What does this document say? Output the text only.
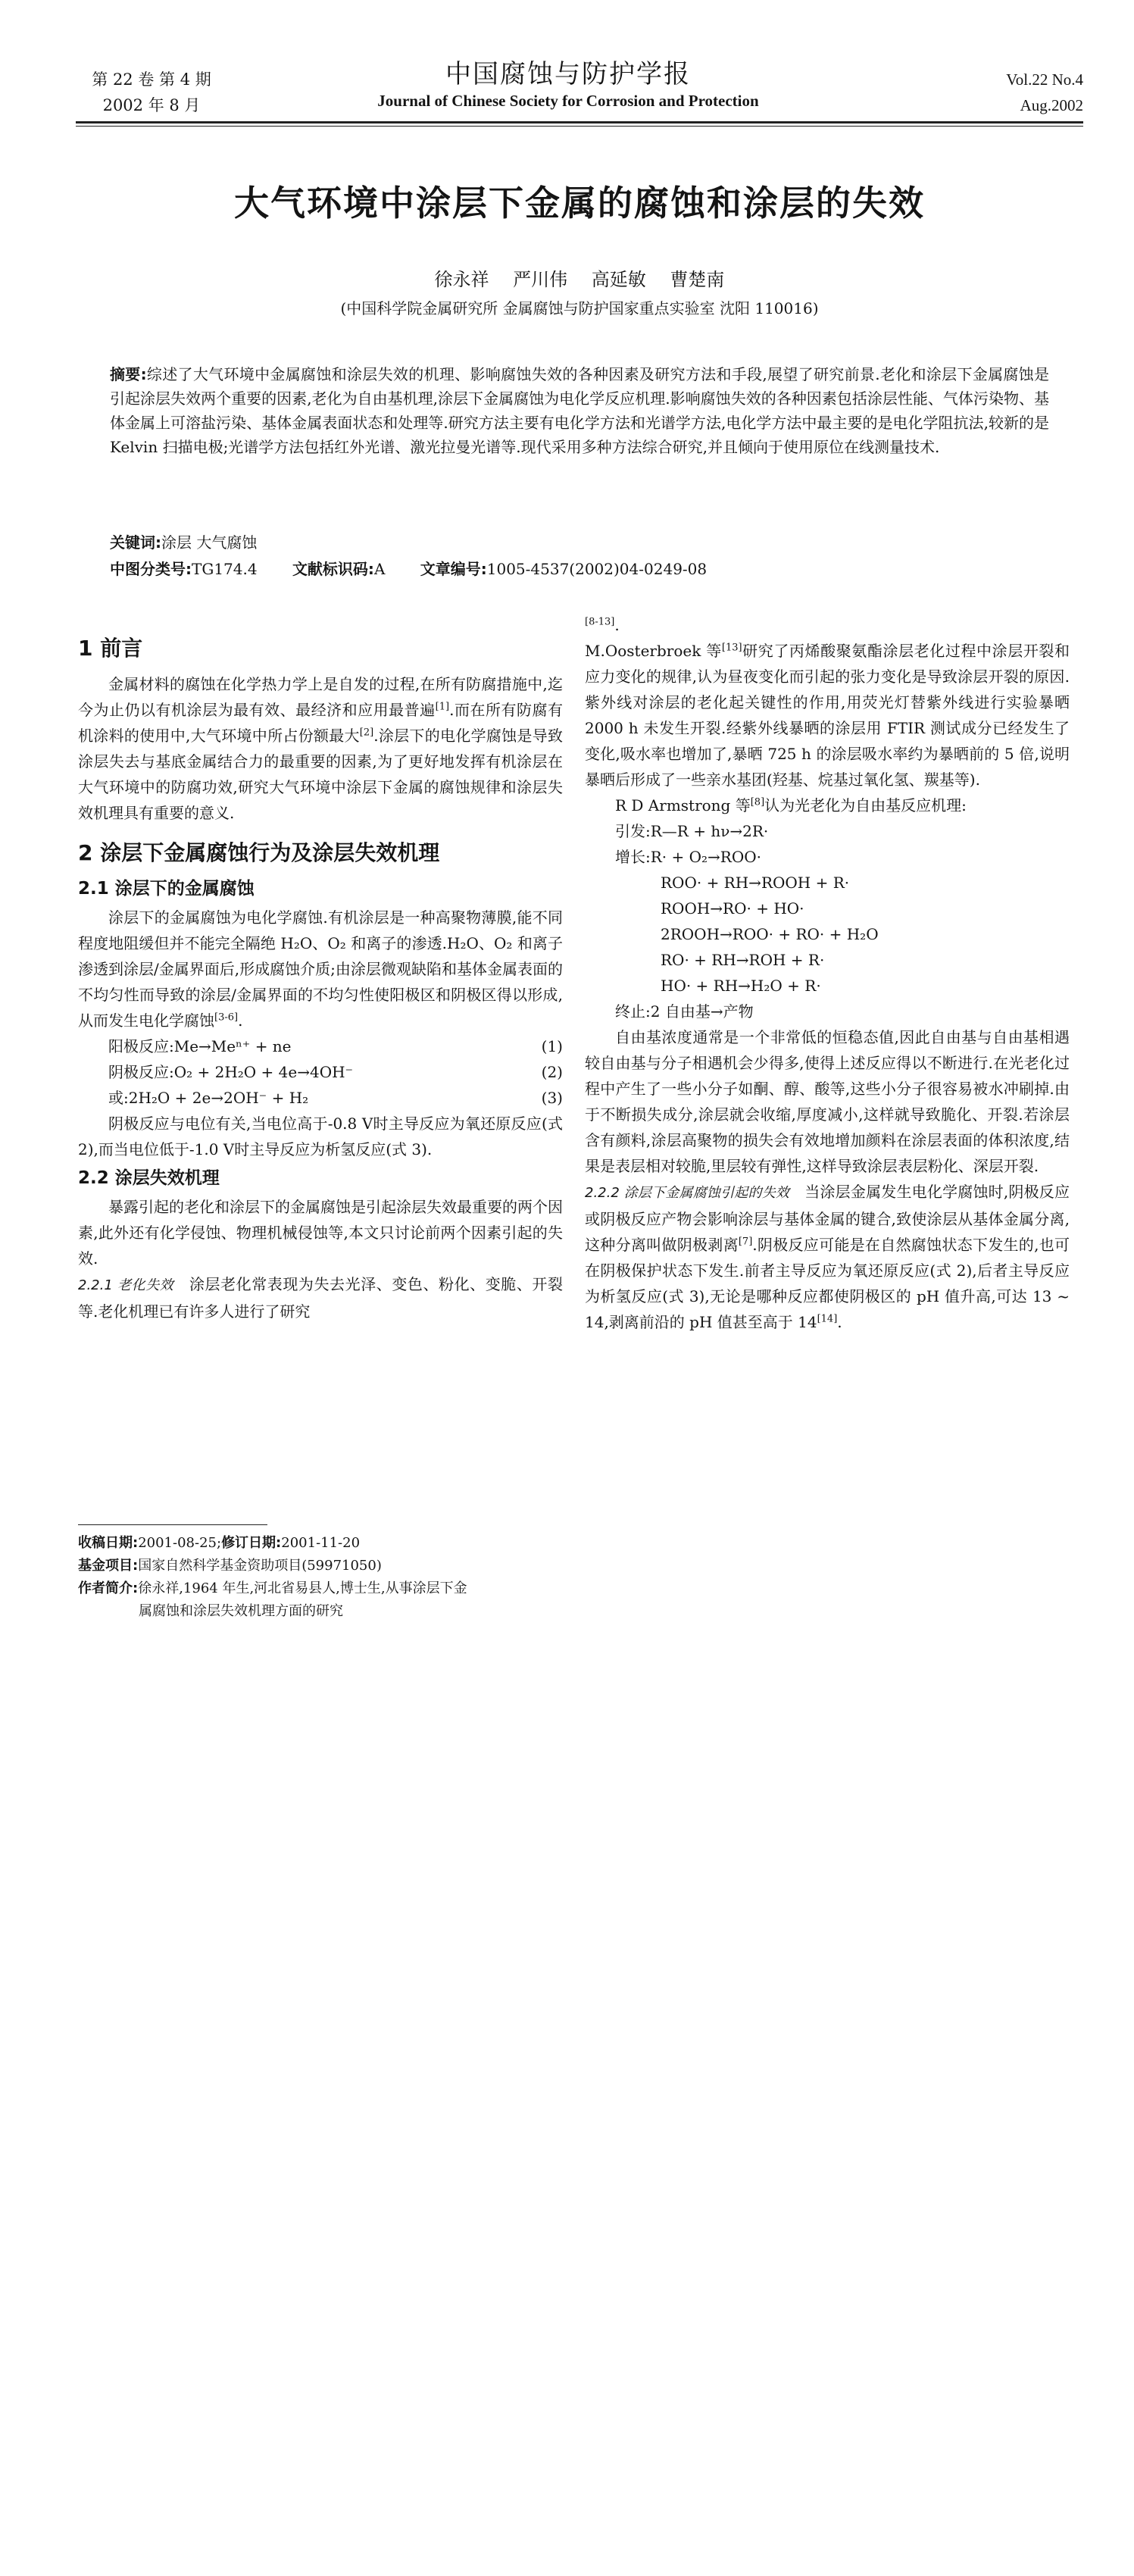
第 22 卷 第 4 期
2002 年 8 月
中国腐蚀与防护学报
Journal of Chinese Society for Corrosion and Protection
Vol.22 No.4
Aug.2002
大气环境中涂层下金属的腐蚀和涂层的失效
徐永祥 严川伟 高延敏 曹楚南
(中国科学院金属研究所 金属腐蚀与防护国家重点实验室 沈阳 110016)
摘要:综述了大气环境中金属腐蚀和涂层失效的机理、影响腐蚀失效的各种因素及研究方法和手段,展望了研究前景.老化和涂层下金属腐蚀是引起涂层失效两个重要的因素,老化为自由基机理,涂层下金属腐蚀为电化学反应机理.影响腐蚀失效的各种因素包括涂层性能、气体污染物、基体金属上可溶盐污染、基体金属表面状态和处理等.研究方法主要有电化学方法和光谱学方法,电化学方法中最主要的是电化学阻抗法,较新的是 Kelvin 扫描电极;光谱学方法包括红外光谱、激光拉曼光谱等.现代采用多种方法综合研究,并且倾向于使用原位在线测量技术.
关键词:涂层 大气腐蚀
中图分类号:TG174.4 文献标识码:A 文章编号:1005-4537(2002)04-0249-08
1 前言

金属材料的腐蚀在化学热力学上是自发的过程,在所有防腐措施中,迄今为止仍以有机涂层为最有效、最经济和应用最普遍[1].而在所有防腐有机涂料的使用中,大气环境中所占份额最大[2].涂层下的电化学腐蚀是导致涂层失去与基底金属结合力的最重要的因素,为了更好地发挥有机涂层在大气环境中的防腐功效,研究大气环境中涂层下金属的腐蚀规律和涂层失效机理具有重要的意义.

2 涂层下金属腐蚀行为及涂层失效机理
2.1 涂层下的金属腐蚀

涂层下的金属腐蚀为电化学腐蚀.有机涂层是一种高聚物薄膜,能不同程度地阻缓但并不能完全隔绝 H₂O、O₂ 和离子的渗透.H₂O、O₂ 和离子渗透到涂层/金属界面后,形成腐蚀介质;由涂层微观缺陷和基体金属表面的不均匀性而导致的涂层/金属界面的不均匀性使阳极区和阴极区得以形成,从而发生电化学腐蚀[3-6].

阳极反应:Me→Meⁿ⁺ + ne	(1)
阴极反应:O₂ + 2H₂O + 4e→4OH⁻	(2)
或:2H₂O + 2e→2OH⁻ + H₂	(3)

阴极反应与电位有关,当电位高于-0.8 V时主导反应为氧还原反应(式 2),而当电位低于-1.0 V时主导反应为析氢反应(式 3).

2.2 涂层失效机理

暴露引起的老化和涂层下的金属腐蚀是引起涂层失效最重要的两个因素,此外还有化学侵蚀、物理机械侵蚀等,本文只讨论前两个因素引起的失效.

2.2.1 老化失效  涂层老化常表现为失去光泽、变色、粉化、变脆、开裂等.老化机理已有许多人进行了研究

收稿日期:2001-08-25;修订日期:2001-11-20
基金项目:国家自然科学基金资助项目(59971050)
作者简介:徐永祥,1964 年生,河北省易县人,博士生,从事涂层下金
属腐蚀和涂层失效机理方面的研究

[8-13].

M.Oosterbroek 等[13]研究了丙烯酸聚氨酯涂层老化过程中涂层开裂和应力变化的规律,认为昼夜变化而引起的张力变化是导致涂层开裂的原因.紫外线对涂层的老化起关键性的作用,用荧光灯替紫外线进行实验暴晒 2000 h 未发生开裂.经紫外线暴晒的涂层用 FTIR 测试成分已经发生了变化,吸水率也增加了,暴晒 725 h 的涂层吸水率约为暴晒前的 5 倍,说明暴晒后形成了一些亲水基团(羟基、烷基过氧化氢、羰基等).

R D Armstrong 等[8]认为光老化为自由基反应机理:

引发:R—R + hν→2R·
增长:R· + O₂→ROO·
ROO· + RH→ROOH + R·
ROOH→RO· + HO·
2ROOH→ROO· + RO· + H₂O
RO· + RH→ROH + R·
HO· + RH→H₂O + R·
终止:2 自由基→产物

自由基浓度通常是一个非常低的恒稳态值,因此自由基与自由基相遇较自由基与分子相遇机会少得多,使得上述反应得以不断进行.在光老化过程中产生了一些小分子如酮、醇、酸等,这些小分子很容易被水冲刷掉.由于不断损失成分,涂层就会收缩,厚度减小,这样就导致脆化、开裂.若涂层含有颜料,涂层高聚物的损失会有效地增加颜料在涂层表面的体积浓度,结果是表层相对较脆,里层较有弹性,这样导致涂层表层粉化、深层开裂.

2.2.2 涂层下金属腐蚀引起的失效  当涂层金属发生电化学腐蚀时,阴极反应或阴极反应产物会影响涂层与基体金属的键合,致使涂层从基体金属分离,这种分离叫做阴极剥离[7].阴极反应可能是在自然腐蚀状态下发生的,也可在阴极保护状态下发生.前者主导反应为氧还原反应(式 2),后者主导反应为析氢反应(式 3),无论是哪种反应都使阴极区的 pH 值升高,可达 13 ~ 14,剥离前沿的 pH 值甚至高于 14[14].
